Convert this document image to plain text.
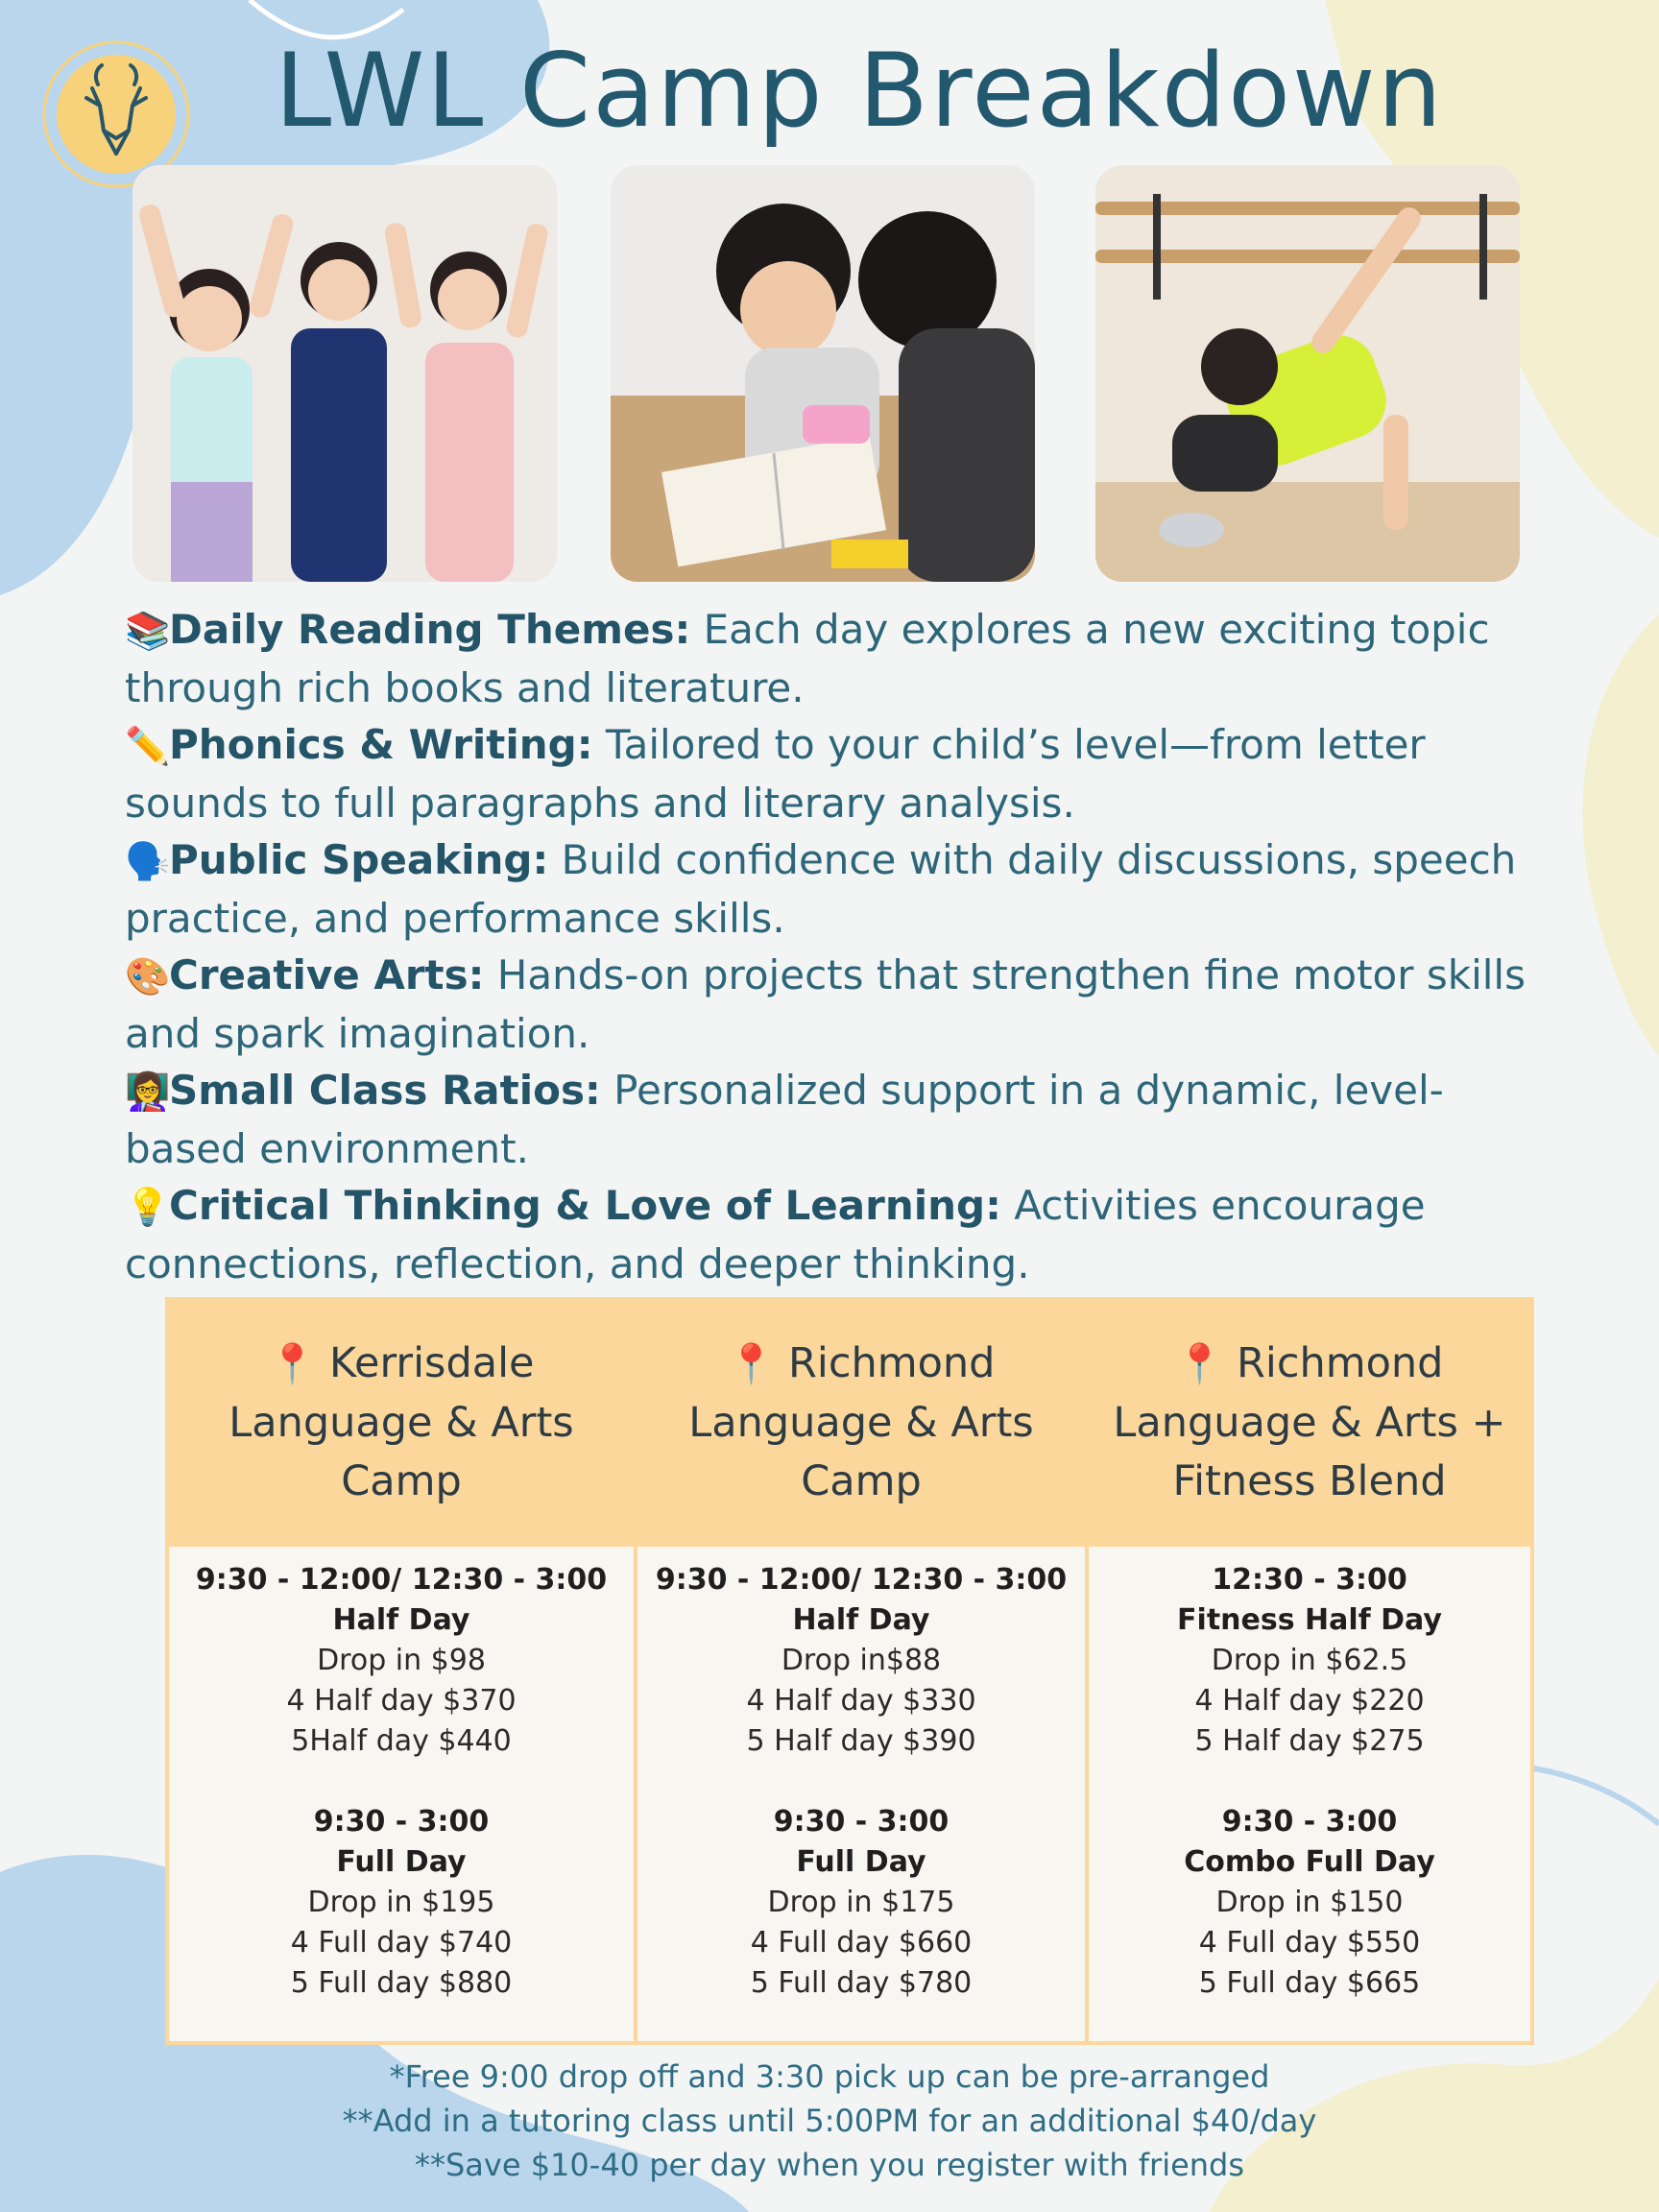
LWL
LWL Camp Breakdown

📚Daily Reading Themes: Each day explores a new exciting topic through rich books and literature.

✏️Phonics & Writing: Tailored to your child’s level—from letter sounds to full paragraphs and literary analysis.

🗣️Public Speaking: Build confidence with daily discussions, speech practice, and performance skills.

🎨Creative Arts: Hands-on projects that strengthen fine motor skills and spark imagination.

👩‍🏫Small Class Ratios: Personalized support in a dynamic, level-based environment.

💡Critical Thinking & Love of Learning: Activities encourage connections, reflection, and deeper thinking.

📍 Kerrisdale
Language & Arts
Camp
📍 Richmond
Language & Arts
Camp
📍 Richmond
Language & Arts +
Fitness Blend
9:30 - 12:00/ 12:30 - 3:00
Half Day
Drop in $98
4 Half day $370
5Half day $440
9:30 - 3:00
Full Day
Drop in $195
4 Full day $740
5 Full day $880
9:30 - 12:00/ 12:30 - 3:00
Half Day
Drop in$88
4 Half day $330
5 Half day $390
9:30 - 3:00
Full Day
Drop in $175
4 Full day $660
5 Full day $780
12:30 - 3:00
Fitness Half Day
Drop in $62.5
4 Half day $220
5 Half day $275
9:30 - 3:00
Combo Full Day
Drop in $150
4 Full day $550
5 Full day $665
*Free 9:00 drop off and 3:30 pick up can be pre-arranged
**Add in a tutoring class until 5:00PM for an additional $40/day
**Save $10-40 per day when you register with friends
